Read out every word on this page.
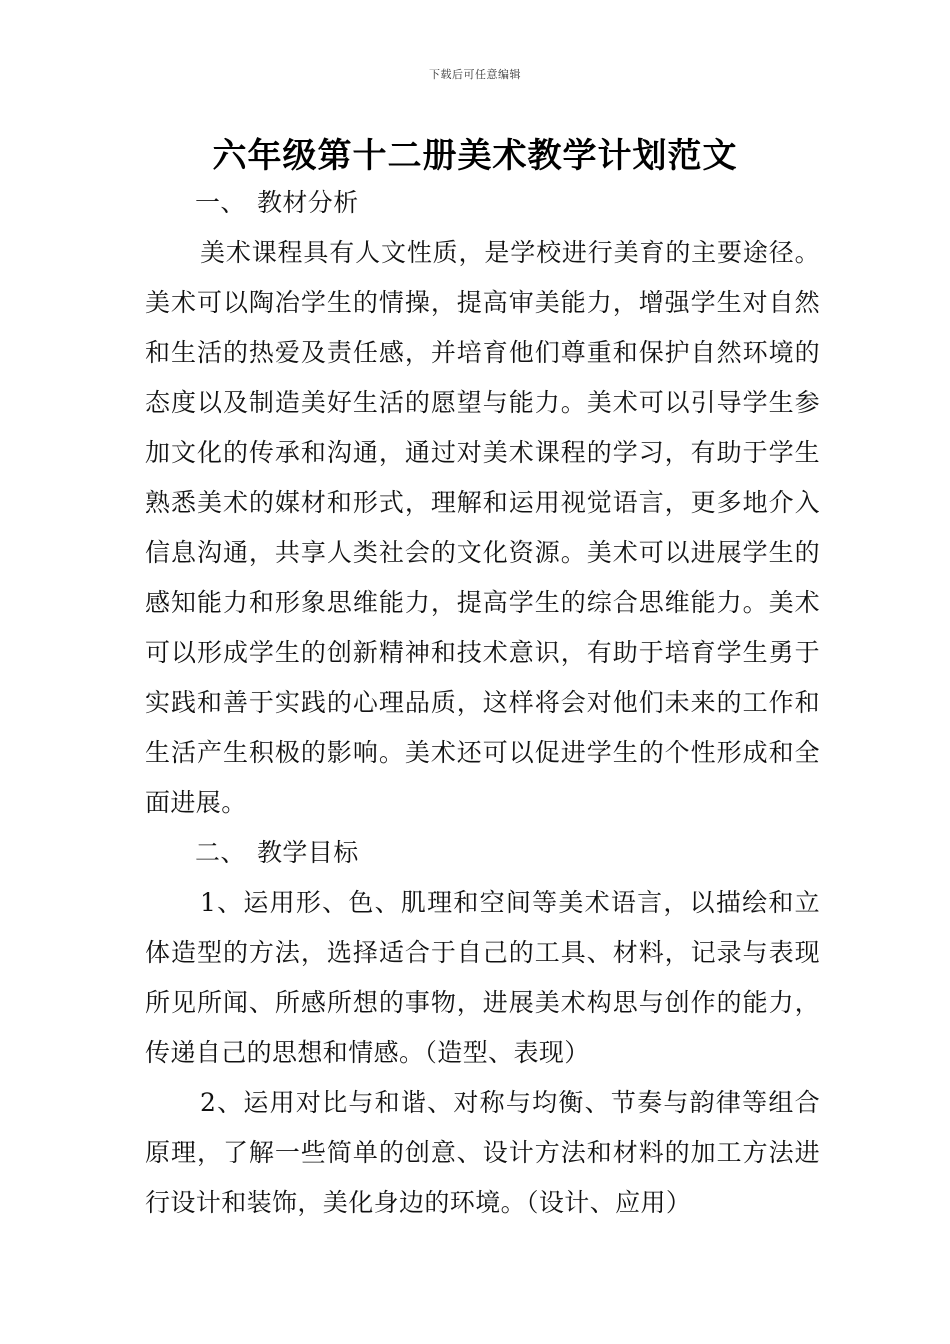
下载后可任意编辑
六年级第十二册美术教学计划范文
一、 教材分析
美术课程具有人文性质，是学校进行美育的主要途径。美术可以陶冶学生的情操，提高审美能力，增强学生对自然和生活的热爱及责任感，并培育他们尊重和保护自然环境的态度以及制造美好生活的愿望与能力。美术可以引导学生参加文化的传承和沟通，通过对美术课程的学习，有助于学生熟悉美术的媒材和形式，理解和运用视觉语言，更多地介入信息沟通，共享人类社会的文化资源。美术可以进展学生的感知能力和形象思维能力，提高学生的综合思维能力。美术可以形成学生的创新精神和技术意识，有助于培育学生勇于实践和善于实践的心理品质，这样将会对他们未来的工作和生活产生积极的影响。美术还可以促进学生的个性形成和全面进展。
二、 教学目标
1、运用形、色、肌理和空间等美术语言，以描绘和立体造型的方法，选择适合于自己的工具、材料，记录与表现所见所闻、所感所想的事物，进展美术构思与创作的能力，传递自己的思想和情感。（造型、表现）
2、运用对比与和谐、对称与均衡、节奏与韵律等组合原理，了解一些简单的创意、设计方法和材料的加工方法进行设计和装饰，美化身边的环境。（设计、应用）
